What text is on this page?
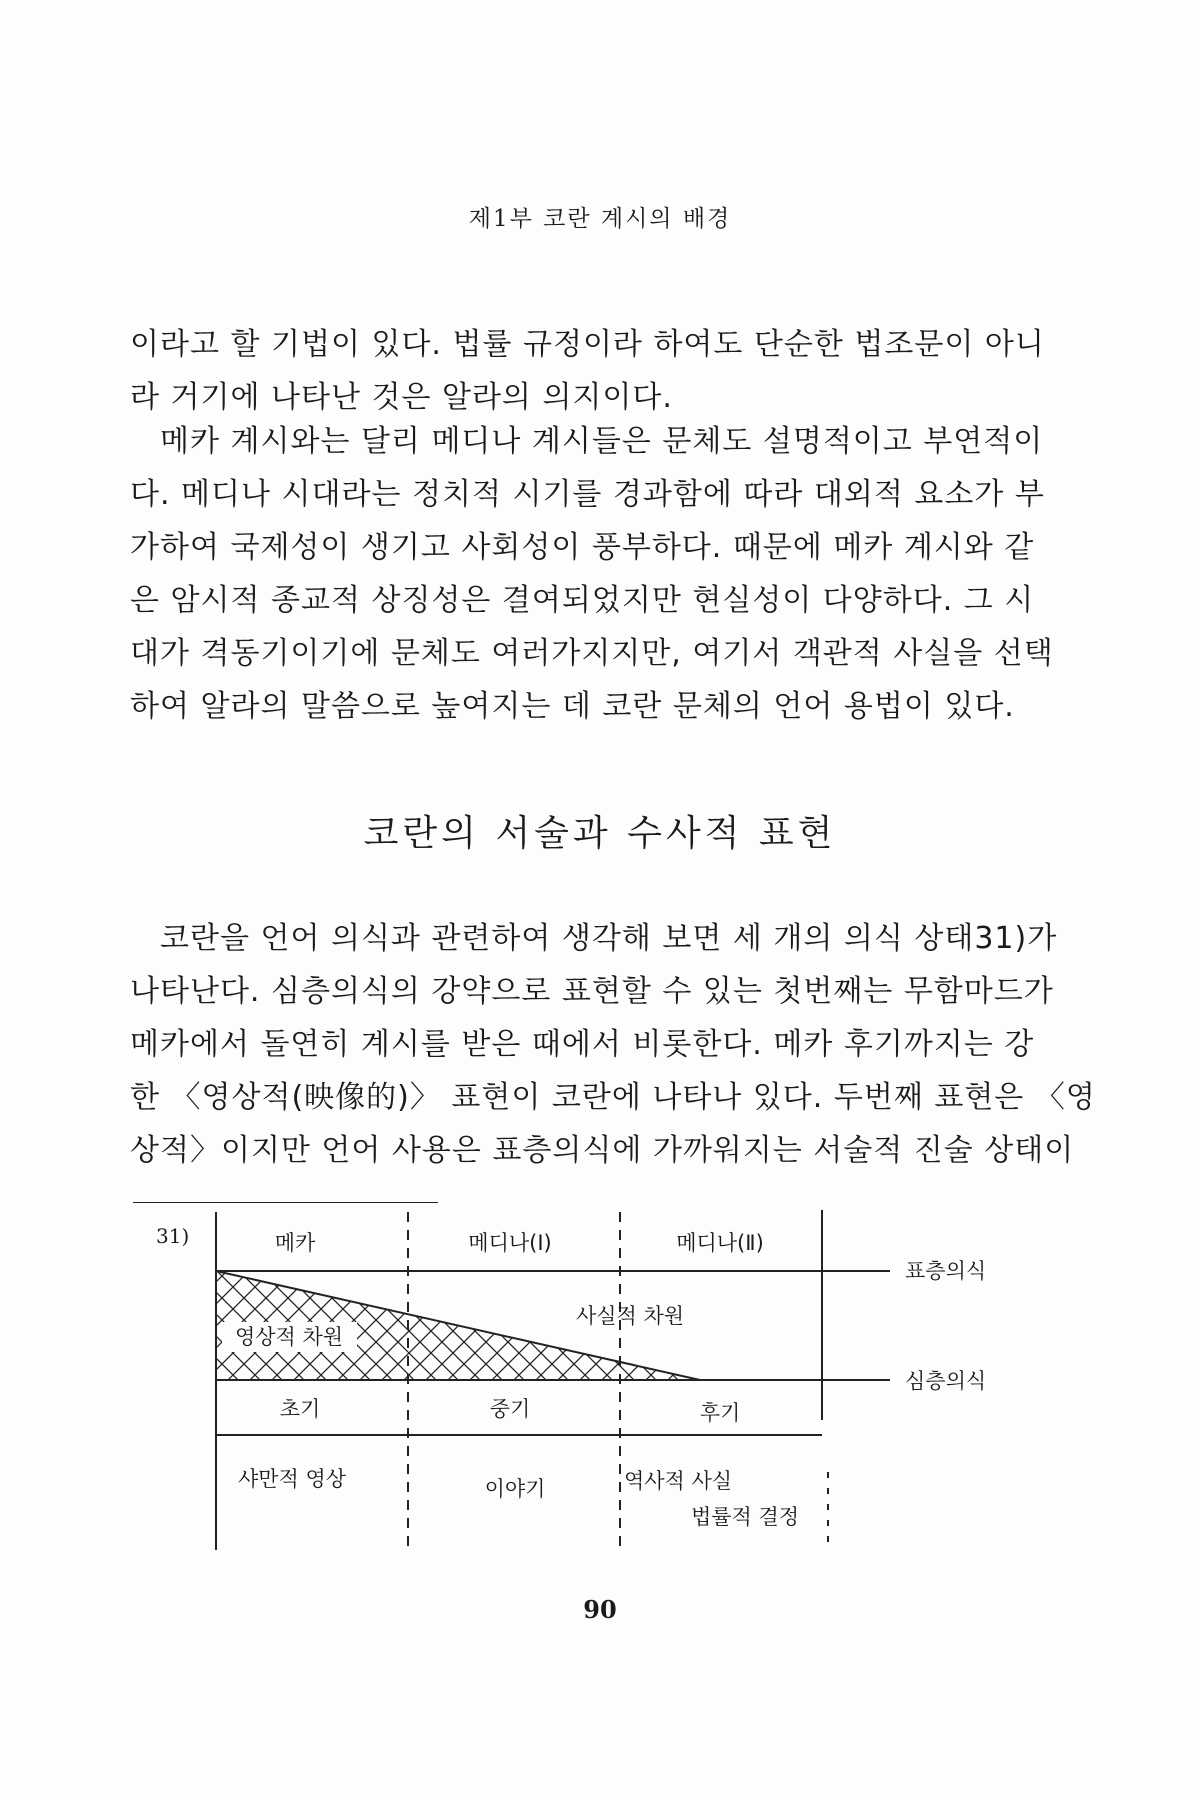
제1부 코란 계시의 배경
이라고 할 기법이 있다. 법률 규정이라 하여도 단순한 법조문이 아니
라 거기에 나타난 것은 알라의 의지이다.
메카 계시와는 달리 메디나 계시들은 문체도 설명적이고 부연적이
다. 메디나 시대라는 정치적 시기를 경과함에 따라 대외적 요소가 부
가하여 국제성이 생기고 사회성이 풍부하다. 때문에 메카 계시와 같
은 암시적 종교적 상징성은 결여되었지만 현실성이 다양하다. 그 시
대가 격동기이기에 문체도 여러가지지만, 여기서 객관적 사실을 선택
하여 알라의 말씀으로 높여지는 데 코란 문체의 언어 용법이 있다.
코란의 서술과 수사적 표현
코란을 언어 의식과 관련하여 생각해 보면 세 개의 의식 상태31)가
나타난다. 심층의식의 강약으로 표현할 수 있는 첫번째는 무함마드가
메카에서 돌연히 계시를 받은 때에서 비롯한다. 메카 후기까지는 강
한 〈영상적(映像的)〉 표현이 코란에 나타나 있다. 두번째 표현은 〈영
상적〉이지만 언어 사용은 표층의식에 가까워지는 서술적 진술 상태이
31)	메카	메디나(Ⅰ)	메디나(Ⅱ)
표층의식
심층의식
사실적 차원
영상적 차원
초기	중기	후기
샤만적 영상	이야기	역사적 사실
법률적 결정
90
